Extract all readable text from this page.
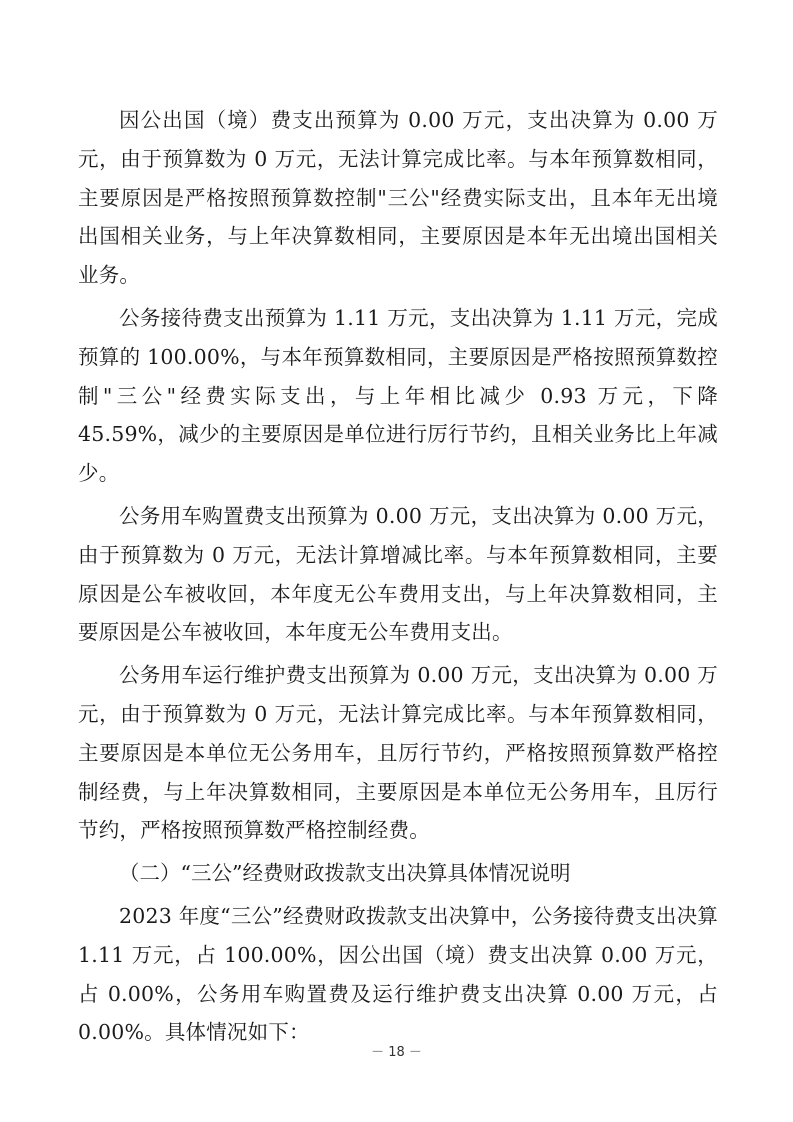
因公出国（境）费支出预算为 0.00 万元，支出决算为 0.00 万元，由于预算数为 0 万元，无法计算完成比率。与本年预算数相同，主要原因是严格按照预算数控制"三公"经费实际支出，且本年无出境出国相关业务，与上年决算数相同，主要原因是本年无出境出国相关业务。

公务接待费支出预算为 1.11 万元，支出决算为 1.11 万元，完成预算的 100.00%，与本年预算数相同，主要原因是严格按照预算数控制"三公"经费实际支出，与上年相比减少 0.93 万元，下降 45.59%，减少的主要原因是单位进行厉行节约，且相关业务比上年减少。

公务用车购置费支出预算为 0.00 万元，支出决算为 0.00 万元，由于预算数为 0 万元，无法计算增减比率。与本年预算数相同，主要原因是公车被收回，本年度无公车费用支出，与上年决算数相同，主要原因是公车被收回，本年度无公车费用支出。

公务用车运行维护费支出预算为 0.00 万元，支出决算为 0.00 万元，由于预算数为 0 万元，无法计算完成比率。与本年预算数相同，主要原因是本单位无公务用车，且厉行节约，严格按照预算数严格控制经费，与上年决算数相同，主要原因是本单位无公务用车，且厉行节约，严格按照预算数严格控制经费。

（二）“三公”经费财政拨款支出决算具体情况说明

2023 年度“三公”经费财政拨款支出决算中，公务接待费支出决算 1.11 万元，占 100.00%，因公出国（境）费支出决算 0.00 万元，占 0.00%，公务用车购置费及运行维护费支出决算 0.00 万元，占 0.00%。具体情况如下：

－ 18 －
